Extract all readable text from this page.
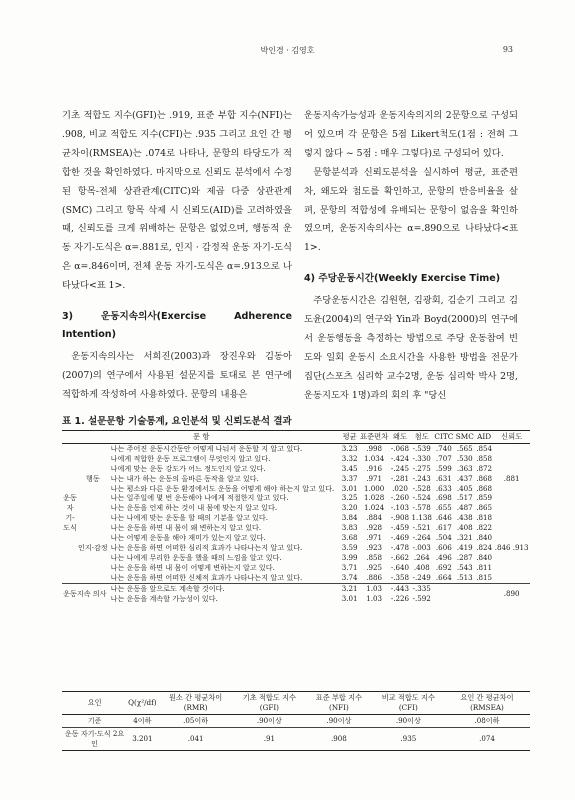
박인경 · 김영호	93

기초 적합도 지수(GFI)는 .919, 표준 부합 지수(NFI)는 .908, 비교 적합도 지수(CFI)는 .935 그리고 요인 간 평균차이(RMSEA)는 .074로 나타나, 문항의 타당도가 적합한 것을 확인하였다. 마지막으로 신뢰도 분석에서 수정된 항목-전체 상관관계(CITC)와 제곱 다중 상관관계(SMC) 그리고 항목 삭제 시 신뢰도(AID)를 고려하였을 때, 신뢰도를 크게 위배하는 문항은 없었으며, 행동적 운동 자기-도식은 α=.881로, 인지 · 감정적 운동 자기-도식은 α=.846이며, 전체 운동 자기-도식은 α=.913으로 나타났다<표 1>.

3) 운동지속의사(Exercise Adherence Intention)

운동지속의사는 서희진(2003)과 장진우와 김동아(2007)의 연구에서 사용된 설문지를 토대로 본 연구에 적합하게 작성하여 사용하였다. 문항의 내용은

운동지속가능성과 운동지속의지의 2문항으로 구성되어 있으며 각 문항은 5점 Likert척도(1점 : 전혀 그렇지 않다 ~ 5점 : 매우 그렇다)로 구성되어 있다.

문항분석과 신뢰도분석을 실시하여 평균, 표준편차, 왜도와 첨도를 확인하고, 문항의 반응비율을 살펴, 문항의 적합성에 유배되는 문항이 없음을 확인하였으며, 운동지속의사는 α=.890으로 나타났다<표 1>.

4) 주당운동시간(Weekly Exercise Time)

주당운동시간은 김원현, 김광회, 김순기 그리고 김도윤(2004)의 연구와 Yin과 Boyd(2000)의 연구에서 운동행동을 측정하는 방법으로 주당 운동참여 빈도와 일회 운동시 소요시간을 사용한 방법을 전문가집단(스포츠 심리학 교수2명, 운동 심리학 박사 2명, 운동지도자 1명)과의 회의 후 "당신

표 1. 설문문항 기술통계, 요인분석 및 신뢰도분석 결과
문 항			평균	표준편차	왜도	첨도	CITC	SMC	AID	신뢰도
운동 자기-도식	행동	나는 주어진 운동시간동안 어떻게 나눠서 운동할 지 알고 있다.	3.23	.998	-.068	-.539	.740	.565	.854	.881
		나에게 적합한 운동 프로그램이 무엇인지 알고 있다.	3.32	1.034	-.424	-.330	.707	.530	.858	
		나에게 맞는 운동 강도가 어느 정도인지 알고 있다.	3.45	.916	-.245	-.275	.599	.363	.872	
		나는 내가 하는 운동의 올바른 동작을 알고 있다.	3.37	.971	-.281	-.243	.631	.437	.868	
		나는 평소와 다른 운동 환경에서도 운동을 어떻게 해야 하는지 알고 있다.	3.01	1.000	.020	-.528	.633	.405	.868	
		나는 일주일에 몇 번 운동해야 나에게 적절한지 알고 있다.	3.25	1.028	-.260	-.524	.698	.517	.859	
		나는 운동을 언제 하는 것이 내 몸에 맞는지 알고 있다.	3.20	1.024	-.103	-.578	.655	.487	.865	
	인지·감정	나는 나에게 맞는 운동을 할 때의 기분을 알고 있다.	3.84	.884	-.908	1.138	.646	.438	.818	.846 .913
		나는 운동을 하면 내 몸이 왜 변하는지 알고 있다.	3.83	.928	-.459	-.521	.617	.408	.822	
		나는 어떻게 운동을 해야 재미가 있는지 알고 있다.	3.68	.971	-.469	-.264	.504	.321	.840	
		나는 운동을 하면 어떠한 심리적 효과가 나타나는지 알고 있다.	3.59	.923	-.478	-.003	.606	.419	.824	
		나는 나에게 무리한 운동을 했을 때의 느낌을 알고 있다.	3.99	.858	-.662	.264	.496	.287	.840	
		나는 운동을 하면 내 몸이 어떻게 변하는지 알고 있다.	3.71	.925	-.640	.408	.692	.543	.811	
		나는 운동을 하면 어떠한 신체적 효과가 나타나는지 알고 있다.	3.74	.886	-.358	-.249	.664	.513	.815	
운동지속 의사		나는 운동을 앞으로도 계속할 것이다.	3.21	1.03	-.443	-.335				.890
		나는 운동을 계속할 가능성이 있다.	3.01	1.03	-.226	-.592				
요인	Q(χ²/df)	원소 간 평균차이(RMR)	기초 적합도 지수(GFI)	표준 부합 지수 (NFI)	비교 적합도 지수(CFI)	요인 간 평균차이(RMSEA)
기준	4이하	.05이하	.90이상	.90이상	.90이상	.08이하
운동 자기-도식 2요인	3.201	.041	.91	.908	.935	.074
